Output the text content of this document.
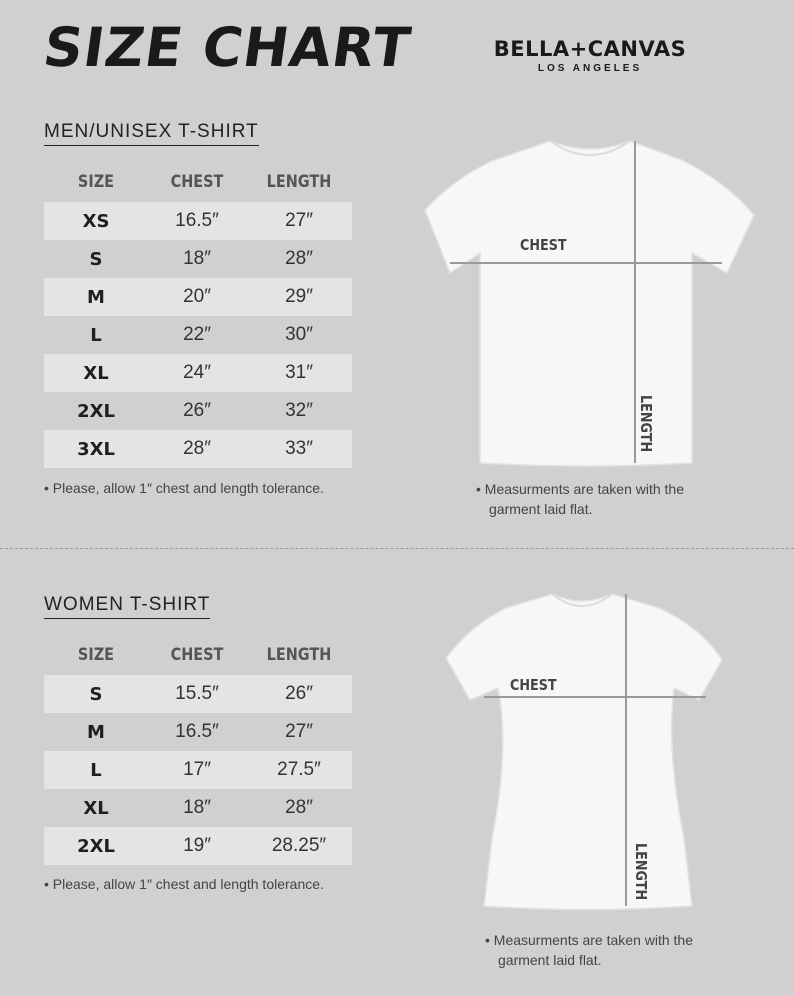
SIZE CHART	BELLA+CANVAS
LOS ANGELES
MEN/UNISEX T-SHIRT
SIZE	CHEST	LENGTH
XS	16.5″	27″
S	18″	28″
M	20″	29″
L	22″	30″
XL	24″	31″
2XL	26″	32″
3XL	28″	33″
• Please, allow 1″ chest and length tolerance.
CHEST
LENGTH
• Measurments are taken with the
garment laid flat.
WOMEN T-SHIRT
SIZE	CHEST	LENGTH
S	15.5″	26″
M	16.5″	27″
L	17″	27.5″
XL	18″	28″
2XL	19″	28.25″
• Please, allow 1″ chest and length tolerance.
CHEST
LENGTH
• Measurments are taken with the
garment laid flat.
